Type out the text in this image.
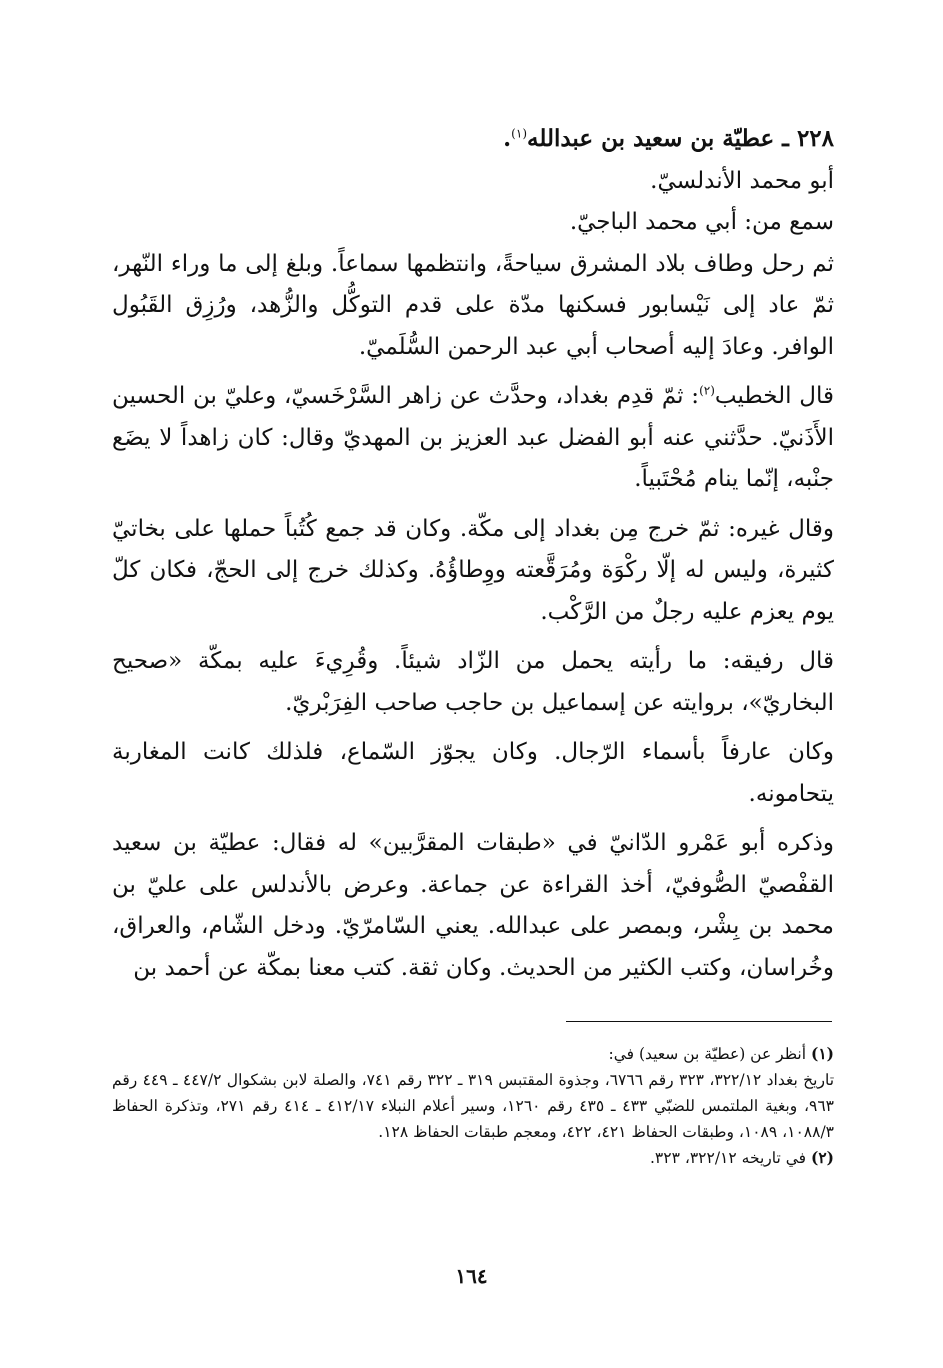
٢٢٨ ـ عطيّة بن سعيد بن عبدالله$^{(١)}$.

أبو محمد الأندلسيّ.

سمع من: أبي محمد الباجيّ.

ثم رحل وطاف بلاد المشرق سياحةً، وانتظمها سماعاً. وبلغ إلى ما وراء النّهر، ثمّ عاد إلى نَيْسابور فسكنها مدّة على قدم التوكُّل والزُّهد، ورُزِق القَبُول الوافر. وعادَ إليه أصحاب أبي عبد الرحمن السُّلَميّ.

قال الخطيب$^{(٢)}$: ثمّ قدِم بغداد، وحدَّث عن زاهر السَّرْخَسيّ، وعليّ بن الحسين الأَذَنيّ. حدَّثني عنه أبو الفضل عبد العزيز بن المهديّ وقال: كان زاهداً لا يضَع جنْبه، إنّما ينام مُحْتَبياً.

وقال غيره: ثمّ خرج مِن بغداد إلى مكّة. وكان قد جمع كُتُباً حملها على بخاتيّ كثيرة، وليس له إلّا ركْوَة ومُرَقَّعته ووِطاؤُهُ. وكذلك خرج إلى الحجّ، فكان كلّ يوم يعزم عليه رجلٌ من الرَّكْب.

قال رفيقه: ما رأيته يحمل من الزّاد شيئاً. وقُرِيءَ عليه بمكّة «صحيح البخاريّ»، بروايته عن إسماعيل بن حاجب صاحب الفِرَبْريّ.

وكان عارفاً بأسماء الرّجال. وكان يجوّز السّماع، فلذلك كانت المغاربة يتحامونه.

وذكره أبو عَمْرو الدّانيّ في «طبقات المقرَّبين» له فقال: عطيّة بن سعيد القفْصيّ الصُّوفيّ، أخذ القراءة عن جماعة. وعرض بالأندلس على عليّ بن محمد بن بِشْر، وبمصر على عبدالله. يعني السّامرّيّ. ودخل الشّام، والعراق، وخُراسان، وكتب الكثير من الحديث. وكان ثقة. كتب معنا بمكّة عن أحمد بن

(١) أنظر عن (عطيّة بن سعيد) في:

تاريخ بغداد ٣٢٢/١٢، ٣٢٣ رقم ٦٧٦٦، وجذوة المقتبس ٣١٩ ـ ٣٢٢ رقم ٧٤١، والصلة لابن بشكوال ٤٤٧/٢ ـ ٤٤٩ رقم ٩٦٣، وبغية الملتمس للضبّي ٤٣٣ ـ ٤٣٥ رقم ١٢٦٠، وسير أعلام النبلاء ٤١٢/١٧ ـ ٤١٤ رقم ٢٧١، وتذكرة الحفاظ ١٠٨٨/٣، ١٠٨٩، وطبقات الحفاظ ٤٢١، ٤٢٢، ومعجم طبقات الحفاظ ١٢٨.

(٢) في تاريخه ٣٢٢/١٢، ٣٢٣.

١٦٤
